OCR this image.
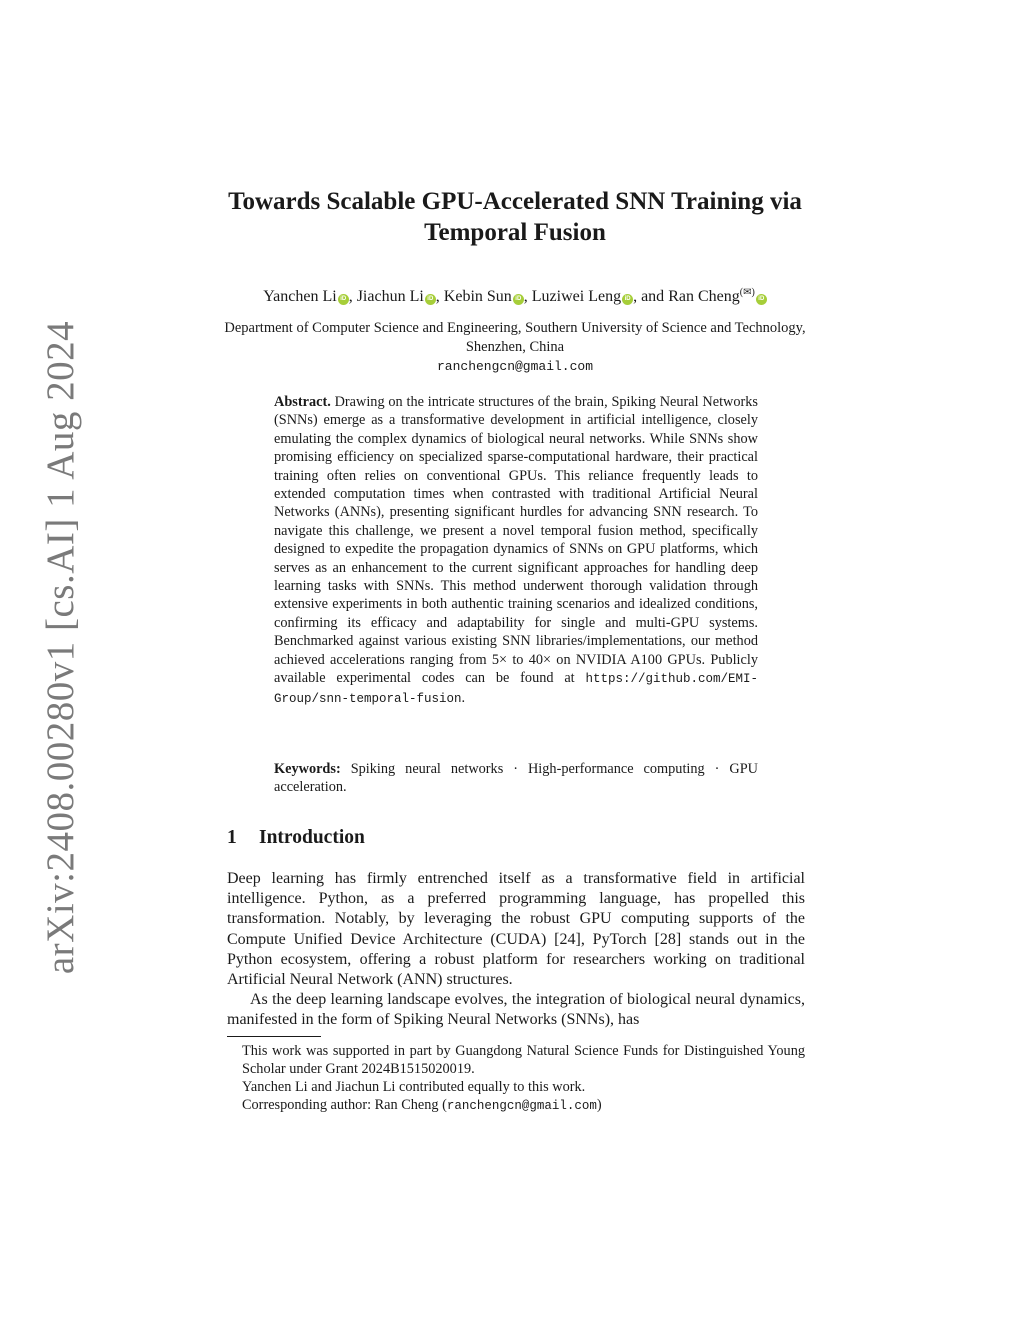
arXiv:2408.00280v1 [cs.AI] 1 Aug 2024
Towards Scalable GPU-Accelerated SNN Training via Temporal Fusion
Yanchen Li iD , Jiachun Li iD , Kebin Sun iD , Luziwei Leng iD , and Ran Cheng(✉)iD

Department of Computer Science and Engineering, Southern University of Science and Technology, Shenzhen, China

ranchengcn@gmail.com

Abstract. Drawing on the intricate structures of the brain, Spiking Neural Networks (SNNs) emerge as a transformative development in artificial intelligence, closely emulating the complex dynamics of biological neural networks. While SNNs show promising efficiency on specialized sparse-computational hardware, their practical training often relies on conventional GPUs. This reliance frequently leads to extended computation times when contrasted with traditional Artificial Neural Networks (ANNs), presenting significant hurdles for advancing SNN research. To navigate this challenge, we present a novel temporal fusion method, specifically designed to expedite the propagation dynamics of SNNs on GPU platforms, which serves as an enhancement to the current significant approaches for handling deep learning tasks with SNNs. This method underwent thorough validation through extensive experiments in both authentic training scenarios and idealized conditions, confirming its efficacy and adaptability for single and multi-GPU systems. Benchmarked against various existing SNN libraries/implementations, our method achieved accelerations ranging from 5× to 40× on NVIDIA A100 GPUs. Publicly available experimental codes can be found at https://github.com/EMI-Group/snn-temporal-fusion.

Keywords: Spiking neural networks · High-performance computing · GPU acceleration.

1 Introduction

Deep learning has firmly entrenched itself as a transformative field in artificial intelligence. Python, as a preferred programming language, has propelled this transformation. Notably, by leveraging the robust GPU computing supports of the Compute Unified Device Architecture (CUDA) [24], PyTorch [28] stands out in the Python ecosystem, offering a robust platform for researchers working on traditional Artificial Neural Network (ANN) structures.

As the deep learning landscape evolves, the integration of biological neural dynamics, manifested in the form of Spiking Neural Networks (SNNs), has

This work was supported in part by Guangdong Natural Science Funds for Distinguished Young Scholar under Grant 2024B1515020019.

Yanchen Li and Jiachun Li contributed equally to this work.

Corresponding author: Ran Cheng (ranchengcn@gmail.com)
